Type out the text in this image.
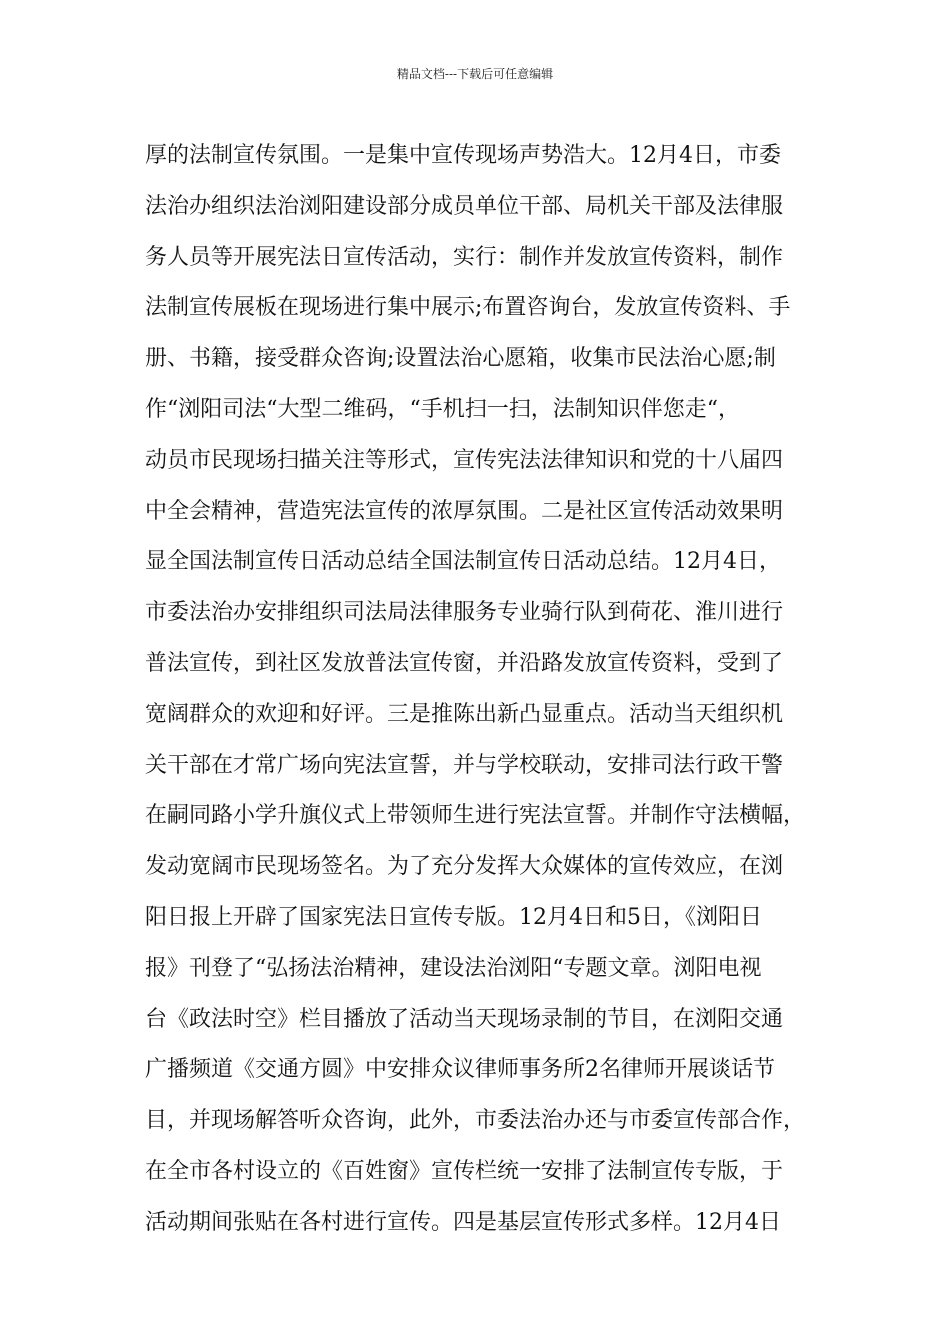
精品文档---下载后可任意编辑
厚的法制宣传氛围。一是集中宣传现场声势浩大。12月4日，市委
法治办组织法治浏阳建设部分成员单位干部、局机关干部及法律服
务人员等开展宪法日宣传活动，实行：制作并发放宣传资料，制作
法制宣传展板在现场进行集中展示;布置咨询台，发放宣传资料、手
册、书籍，接受群众咨询;设置法治心愿箱，收集市民法治心愿;制
作“浏阳司法“大型二维码，“手机扫一扫，法制知识伴您走“，
动员市民现场扫描关注等形式，宣传宪法法律知识和党的十八届四
中全会精神，营造宪法宣传的浓厚氛围。二是社区宣传活动效果明
显全国法制宣传日活动总结全国法制宣传日活动总结。12月4日，
市委法治办安排组织司法局法律服务专业骑行队到荷花、淮川进行
普法宣传，到社区发放普法宣传窗，并沿路发放宣传资料，受到了
宽阔群众的欢迎和好评。三是推陈出新凸显重点。活动当天组织机
关干部在才常广场向宪法宣誓，并与学校联动，安排司法行政干警
在嗣同路小学升旗仪式上带领师生进行宪法宣誓。并制作守法横幅，
发动宽阔市民现场签名。为了充分发挥大众媒体的宣传效应，在浏
阳日报上开辟了国家宪法日宣传专版。12月4日和5日，《浏阳日
报》刊登了“弘扬法治精神，建设法治浏阳“专题文章。浏阳电视
台《政法时空》栏目播放了活动当天现场录制的节目，在浏阳交通
广播频道《交通方圆》中安排众议律师事务所2名律师开展谈话节
目，并现场解答听众咨询，此外，市委法治办还与市委宣传部合作，
在全市各村设立的《百姓窗》宣传栏统一安排了法制宣传专版，于
活动期间张贴在各村进行宣传。四是基层宣传形式多样。12月4日
